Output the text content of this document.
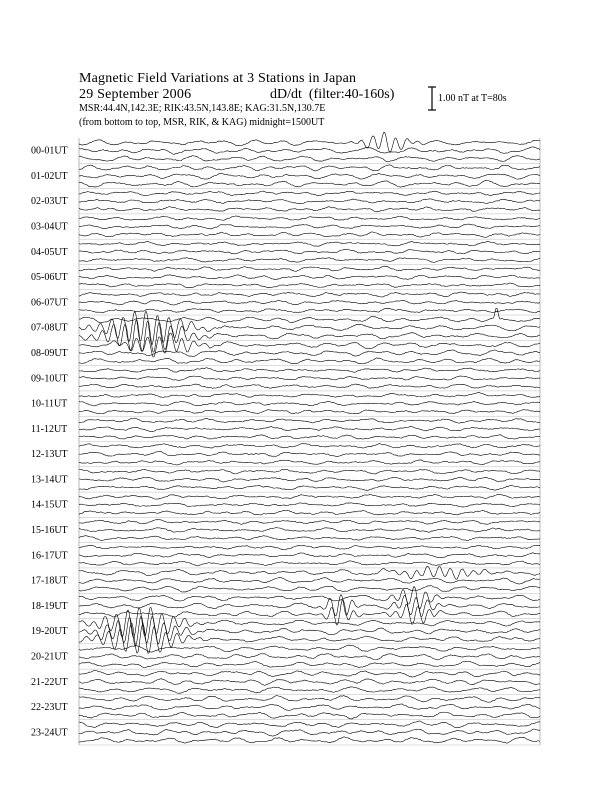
Magnetic Field Variations at 3 Stations in Japan
29 September 2006	dD/dt (filter:40-160s)
MSR:44.4N,142.3E; RIK:43.5N,143.8E; KAG:31.5N,130.7E
(from bottom to top, MSR, RIK, & KAG) midnight=1500UT
1.00 nT at T=80s
00-01UT
01-02UT
02-03UT
03-04UT
04-05UT
05-06UT
06-07UT
07-08UT
08-09UT
09-10UT
10-11UT
11-12UT
12-13UT
13-14UT
14-15UT
15-16UT
16-17UT
17-18UT
18-19UT
19-20UT
20-21UT
21-22UT
22-23UT
23-24UT
